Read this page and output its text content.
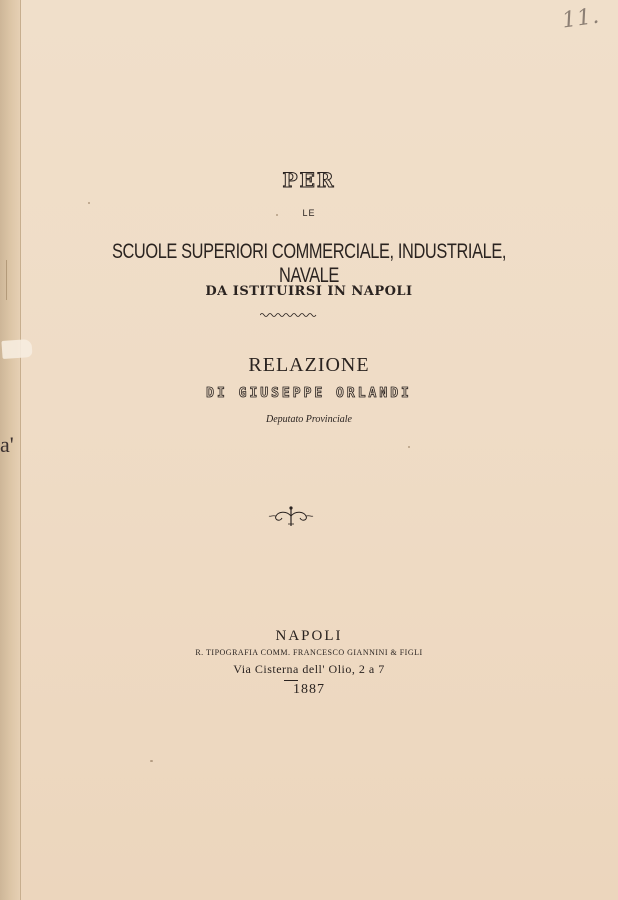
a'
11.
PER
LE
SCUOLE SUPERIORI COMMERCIALE, INDUSTRIALE, NAVALE
DA ISTITUIRSI IN NAPOLI
RELAZIONE
DI GIUSEPPE ORLANDI
Deputato Provinciale
NAPOLI
R. TIPOGRAFIA COMM. FRANCESCO GIANNINI & FIGLI
Via Cisterna dell' Olio, 2 a 7
1887
